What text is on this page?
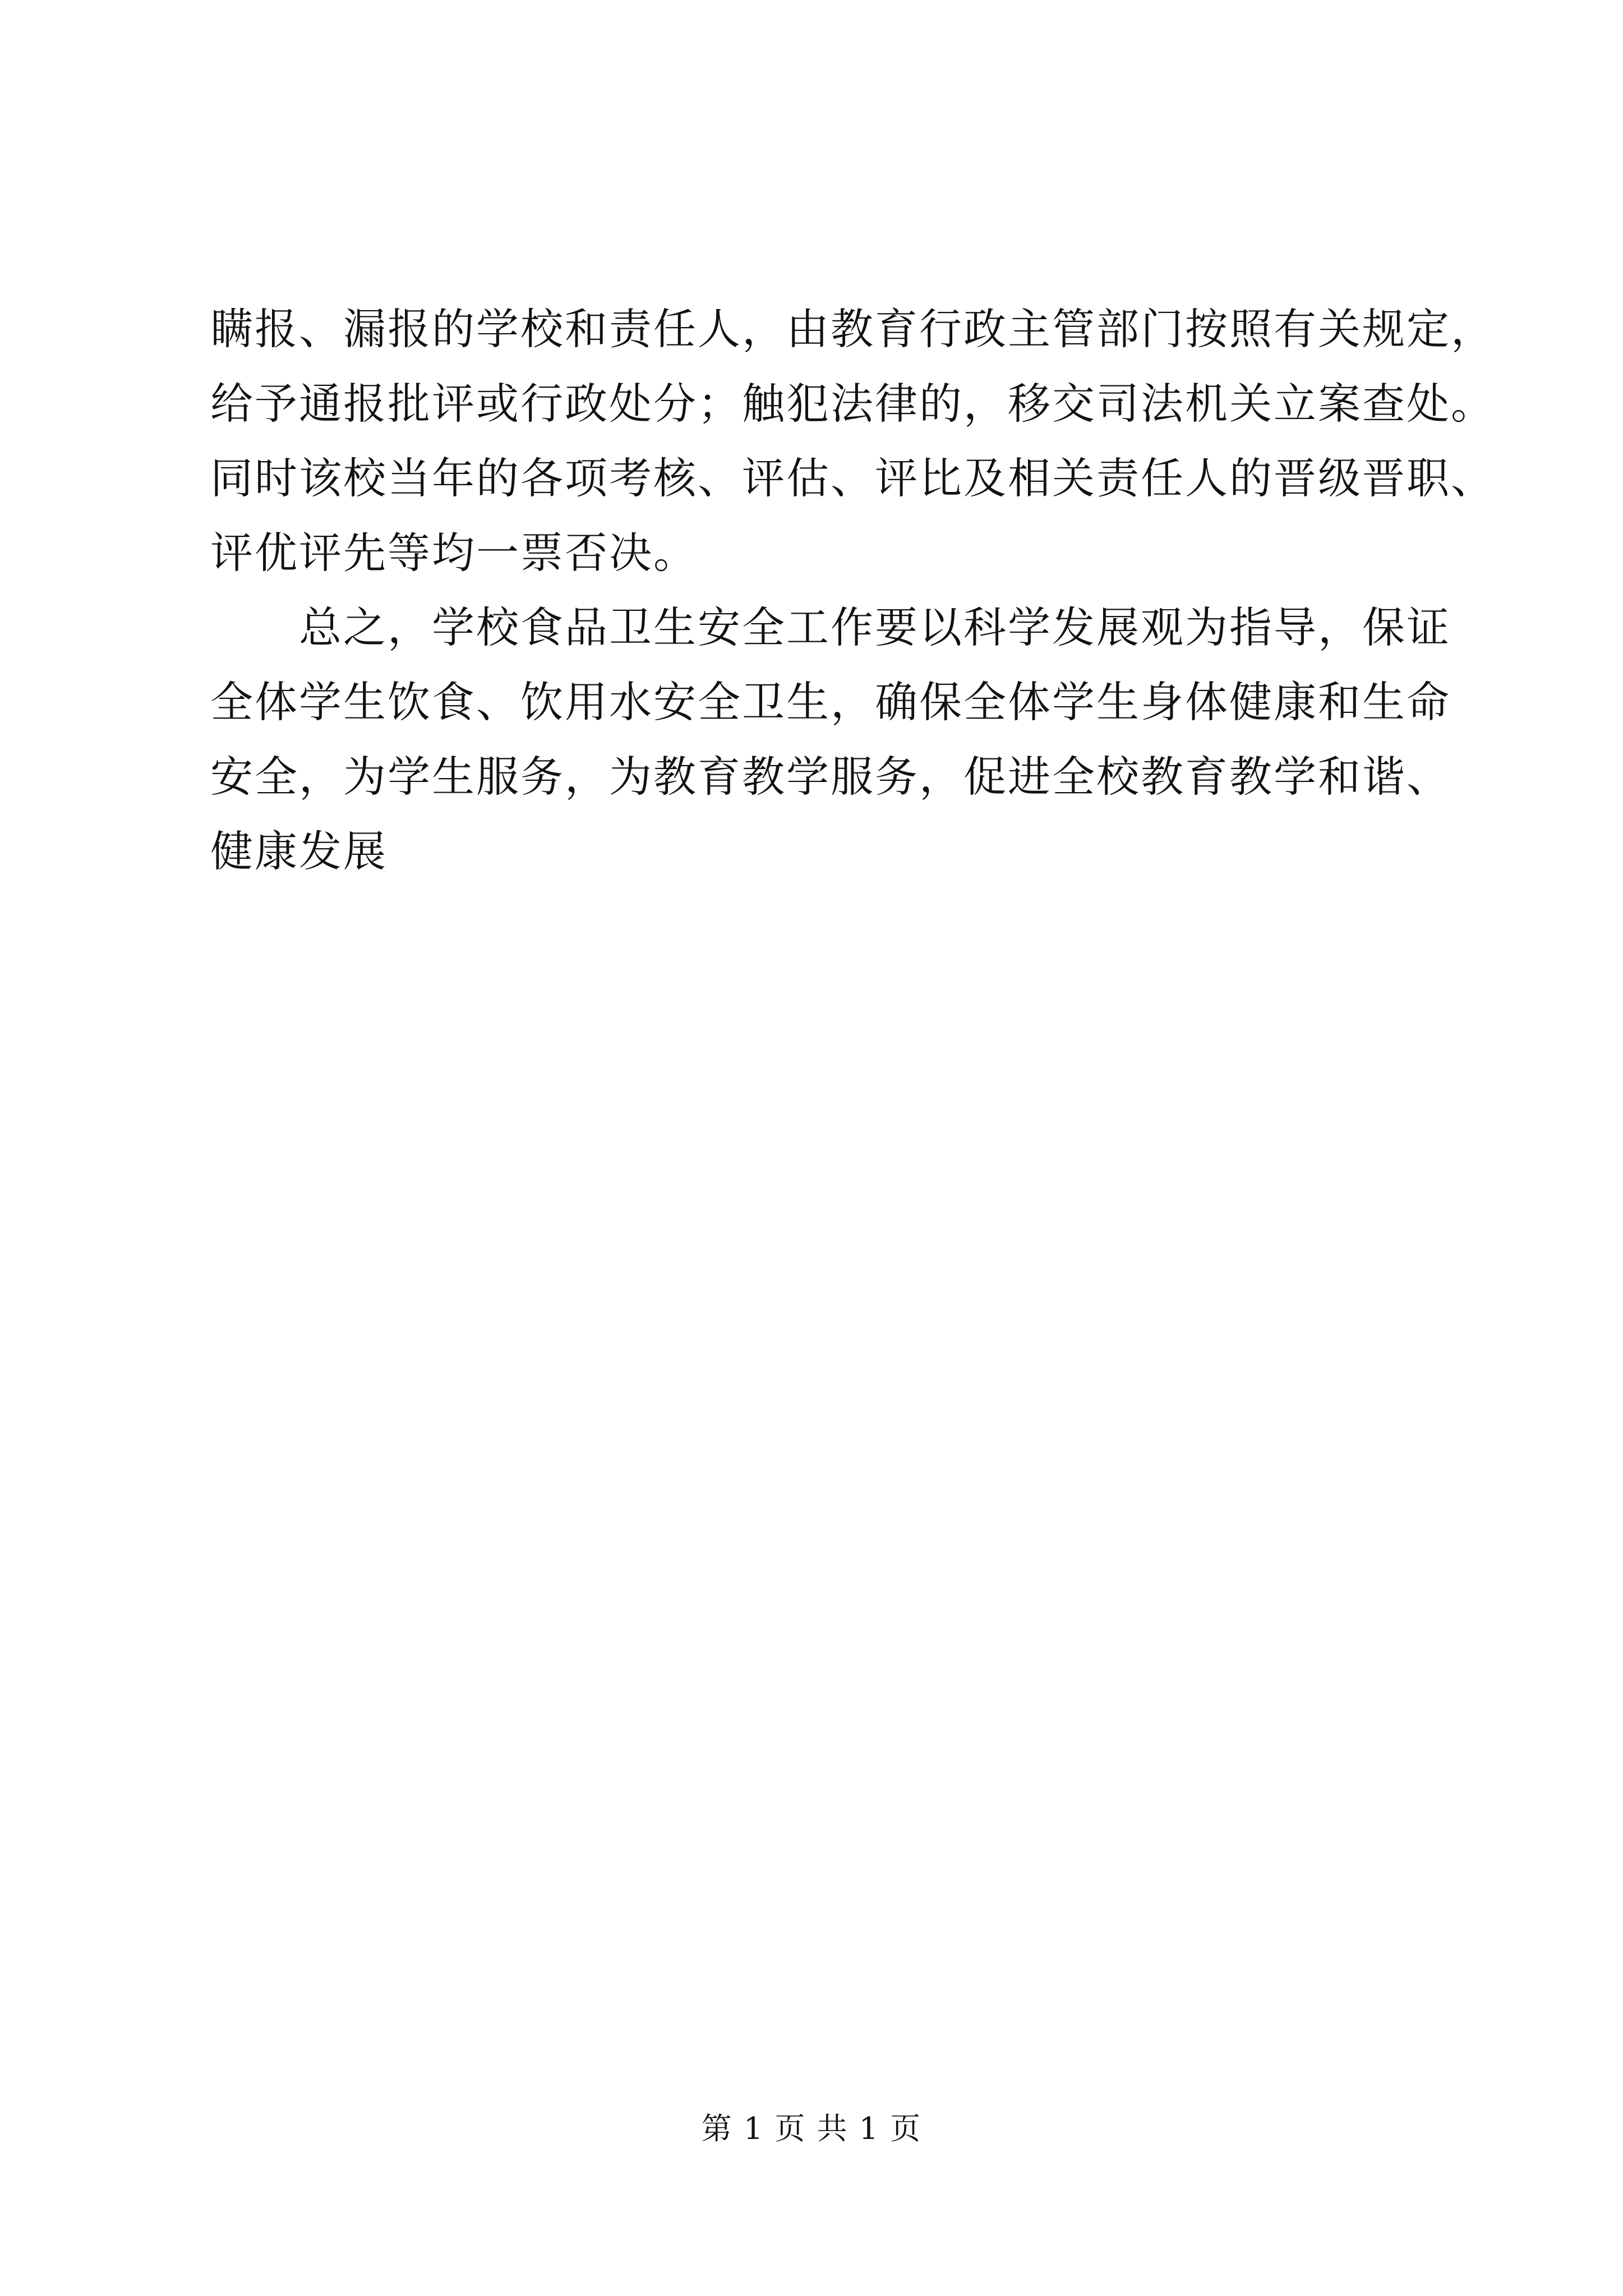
瞒报、漏报的学校和责任人，由教育行政主管部门按照有关规定，
给予通报批评或行政处分；触犯法律的，移交司法机关立案查处。
同时该校当年的各项考核、评估、评比及相关责任人的晋级晋职、
评优评先等均一票否决。
　　总之，学校食品卫生安全工作要以科学发展观为指导，保证
全体学生饮食、饮用水安全卫生，确保全体学生身体健康和生命
安全，为学生服务，为教育教学服务，促进全校教育教学和谐、
健康发展
第 1 页 共 1 页
